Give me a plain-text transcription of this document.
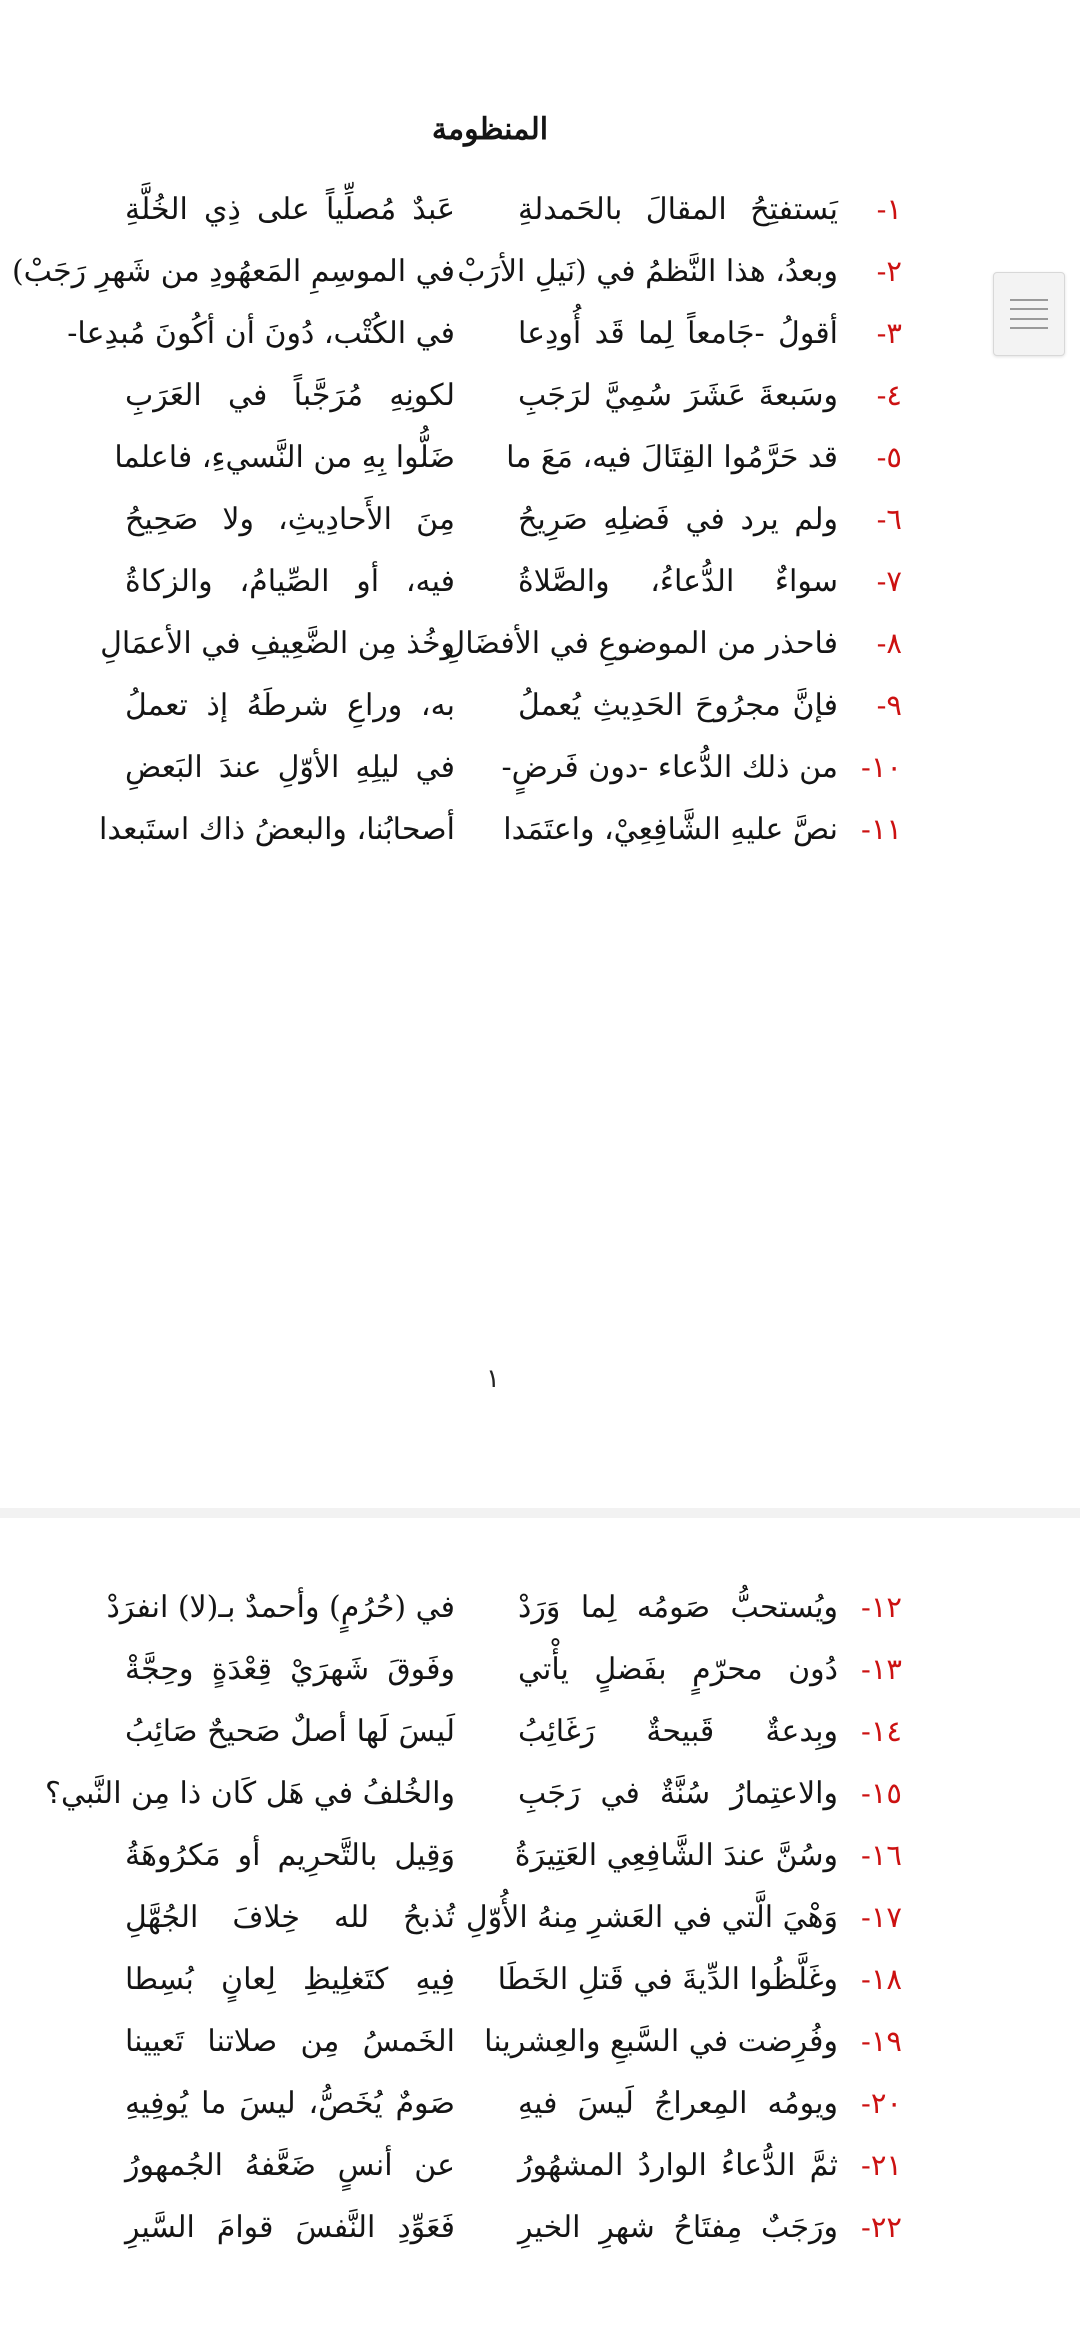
المنظومة
١-
يَستفتِحُ المقالَ بالحَمدلةِ
عَبدٌ مُصلِّياً على ذِي الخُلَّةِ
٢-
وبعدُ، هذا النَّظمُ في (نَيلِ الأرَبْ
في الموسِمِ المَعهُودِ من شَهرِ رَجَبْ)
٣-
أقولُ -جَامعاً لِما قَد أُودِعا
في الكُتْب، دُونَ أن أكُونَ مُبدِعا-
٤-
وسَبعةَ عَشَرَ سُمِيَّ لرَجَبِ
لكونِهِ مُرَجَّباً في العَرَبِ
٥-
قد حَرَّمُوا القِتَالَ فيه، مَعَ ما
ضَلُّوا بِهِ من النَّسيءِ، فاعلما
٦-
ولم يرد في فَضلِهِ صَرِيحُ
مِنَ الأَحادِيثِ، ولا صَحِيحُ
٧-
سواءٌ الدُّعاءُ، والصَّلاةُ
فيه، أو الصِّيامُ، والزكاةُ
٨-
فاحذر من الموضوعِ في الأفضَالِ
وخُذ مِن الضَّعِيفِ في الأعمَالِ
٩-
فإنَّ مجرُوحَ الحَدِيثِ يُعملُ
به، وراعِ شرطَهُ إذ تعملُ
١٠-
من ذلك الدُّعاء -دون فَرضٍ-
في ليلِهِ الأوّلِ عندَ البَعضِ
١١-
نصَّ عليهِ الشَّافِعِيْ، واعتَمَدا
أصحابُنا، والبعضُ ذاك استَبعدا
١
١٢-
ويُستحبُّ صَومُه لِما وَرَدْ
في (حُرُمٍ) وأحمدٌ بـ(لا) انفرَدْ
١٣-
دُون محرّمٍ بفَضلٍ يأْتي
وفَوقَ شَهرَيْ قِعْدَةٍ وحِجَّةْ
١٤-
وبِدعةٌ قَبيحةٌ رَغَائِبُ
لَيسَ لَها أصلٌ صَحيحٌ صَائِبُ
١٥-
والاعتِمارُ سُنَّةٌ في رَجَبِ
والخُلفُ في هَل كَان ذا مِن النَّبي؟
١٦-
وسُنَّ عندَ الشَّافِعِي العَتِيرَةُ
وَقِيل بالتَّحرِيم أو مَكرُوهَةُ
١٧-
وَهْيَ الَّتي في العَشرِ مِنهُ الأُوّلِ
تُذبحُ لله خِلافَ الجُهَّلِ
١٨-
وغَلَّظُوا الدِّيةَ في قَتلِ الخَطَا
فِيهِ كتَغلِيظِ لِعانٍ بُسِطا
١٩-
وفُرِضت في السَّبعِ والعِشرينا
الخَمسُ مِن صلاتنا تَعيينا
٢٠-
ويومُه المِعراجُ لَيسَ فيهِ
صَومٌ يُخَصُّ، ليسَ ما يُوفِيهِ
٢١-
ثمَّ الدُّعاءُ الواردُ المشهُورُ
عن أنسٍ ضَعَّفهُ الجُمهورُ
٢٢-
ورَجَبٌ مِفتَاحُ شهرِ الخيرِ
فَعَوِّدِ النَّفسَ قوامَ السَّيرِ
